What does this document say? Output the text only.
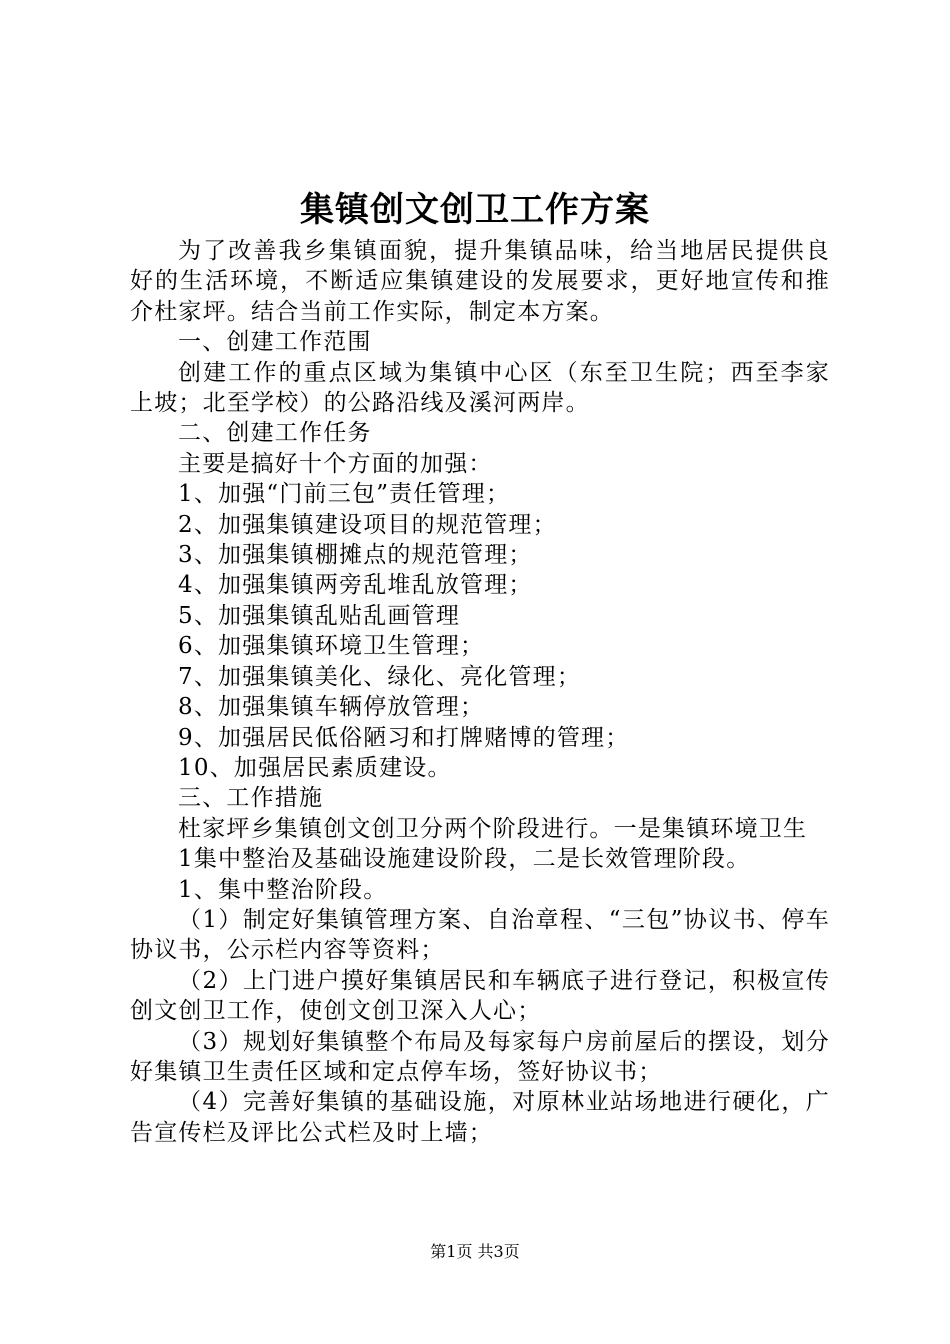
集镇创文创卫工作方案

为了改善我乡集镇面貌，提升集镇品味，给当地居民提供良好的生活环境，不断适应集镇建设的发展要求，更好地宣传和推介杜家坪。结合当前工作实际，制定本方案。

一、创建工作范围

创建工作的重点区域为集镇中心区（东至卫生院；西至李家上坡；北至学校）的公路沿线及溪河两岸。

二、创建工作任务

主要是搞好十个方面的加强：

1、加强“门前三包”责任管理；

2、加强集镇建设项目的规范管理；

3、加强集镇棚摊点的规范管理；

4、加强集镇两旁乱堆乱放管理；

5、加强集镇乱贴乱画管理

6、加强集镇环境卫生管理；

7、加强集镇美化、绿化、亮化管理；

8、加强集镇车辆停放管理；

9、加强居民低俗陋习和打牌赌博的管理；

10、加强居民素质建设。

三、工作措施

杜家坪乡集镇创文创卫分两个阶段进行。一是集镇环境卫生

1集中整治及基础设施建设阶段，二是长效管理阶段。

1、集中整治阶段。

（1）制定好集镇管理方案、自治章程、“三包”协议书、停车协议书，公示栏内容等资料；

（2）上门进户摸好集镇居民和车辆底子进行登记，积极宣传创文创卫工作，使创文创卫深入人心；

（3）规划好集镇整个布局及每家每户房前屋后的摆设，划分好集镇卫生责任区域和定点停车场，签好协议书；

（4）完善好集镇的基础设施，对原林业站场地进行硬化，广告宣传栏及评比公式栏及时上墙；

第1页 共3页
